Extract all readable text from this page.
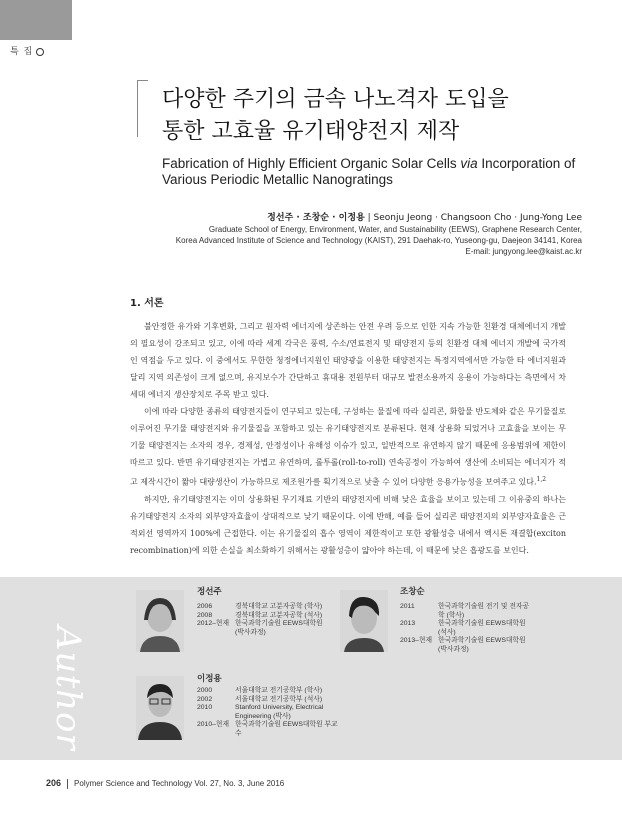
특 집
다양한 주기의 금속 나노격자 도입을
통한 고효율 유기태양전지 제작
Fabrication of Highly Efficient Organic Solar Cells via Incorporation of Various Periodic Metallic Nanogratings
정선주 · 조창순 · 이정용 | Seonju Jeong · Changsoon Cho · Jung-Yong Lee
Graduate School of Energy, Environment, Water, and Sustainability (EEWS), Graphene Research Center,
Korea Advanced Institute of Science and Technology (KAIST), 291 Daehak-ro, Yuseong-gu, Daejeon 34141, Korea
E-mail: jungyong.lee@kaist.ac.kr
1. 서론

불안정한 유가와 기후변화, 그리고 원자력 에너지에 상존하는 안전 우려 등으로 인한 지속 가능한 친환경 대체에너지 개발의 필요성이 강조되고 있고, 이에 따라 세계 각국은 풍력, 수소/연료전지 및 태양전지 등의 친환경 대체 에너지 개발에 국가적인 역점을 두고 있다. 이 중에서도 무한한 청정에너지원인 태양광을 이용한 태양전지는 특정지역에서만 가능한 타 에너지원과 달리 지역 의존성이 크게 없으며, 유지보수가 간단하고 휴대용 전원부터 대규모 발전소용까지 응용이 가능하다는 측면에서 차세대 에너지 생산장치로 주목 받고 있다.

이에 따라 다양한 종류의 태양전지들이 연구되고 있는데, 구성하는 물질에 따라 실리콘, 화합물 반도체와 같은 무기물질로 이루어진 무기물 태양전지와 유기물질을 포함하고 있는 유기태양전지로 분류된다. 현재 상용화 되었거나 고효율을 보이는 무기물 태양전지는 소자의 경우, 경제성, 안정성이나 유해성 이슈가 있고, 일반적으로 유연하지 않기 때문에 응용범위에 제한이 따르고 있다. 반면 유기태양전지는 가볍고 유연하며, 롤투롤(roll-to-roll) 연속공정이 가능하여 생산에 소비되는 에너지가 적고 제작시간이 짧아 대량생산이 가능하므로 제조원가를 획기적으로 낮출 수 있어 다양한 응용가능성을 보여주고 있다.$^{1,2}$

하지만, 유기태양전지는 이미 상용화된 무기재료 기반의 태양전지에 비해 낮은 효율을 보이고 있는데 그 이유중의 하나는 유기태양전지 소자의 외부양자효율이 상대적으로 낮기 때문이다. 이에 반해, 예를 들어 실리콘 태양전지의 외부양자효율은 근적외선 영역까지 100%에 근접한다. 이는 유기물질의 흡수 영역이 제한적이고 또한 광활성층 내에서 엑시톤 재결합(exciton recombination)에 의한 손실을 최소화하기 위해서는 광활성층이 얇아야 하는데, 이 때문에 낮은 흡광도를 보인다.

Author
정선주
2006	경북대학교 고분자공학 (학사)
2008	경북대학교 고분자공학 (석사)
2012–현재 한국과학기술원 EEWS대학원 (박사과정)
조창순
2011	한국과학기술원 전기 및 전자공학 (학사)
2013	한국과학기술원 EEWS대학원 (석사)
2013–현재 한국과학기술원 EEWS대학원 (박사과정)
이정용
2000	서울대학교 전기공학부 (학사)
2002	서울대학교 전기공학부 (석사)
2010	Stanford University, Electrical Engineering (박사)
2010–현재 한국과학기술원 EEWS대학원 부교수
206 Polymer Science and Technology Vol. 27, No. 3, June 2016
